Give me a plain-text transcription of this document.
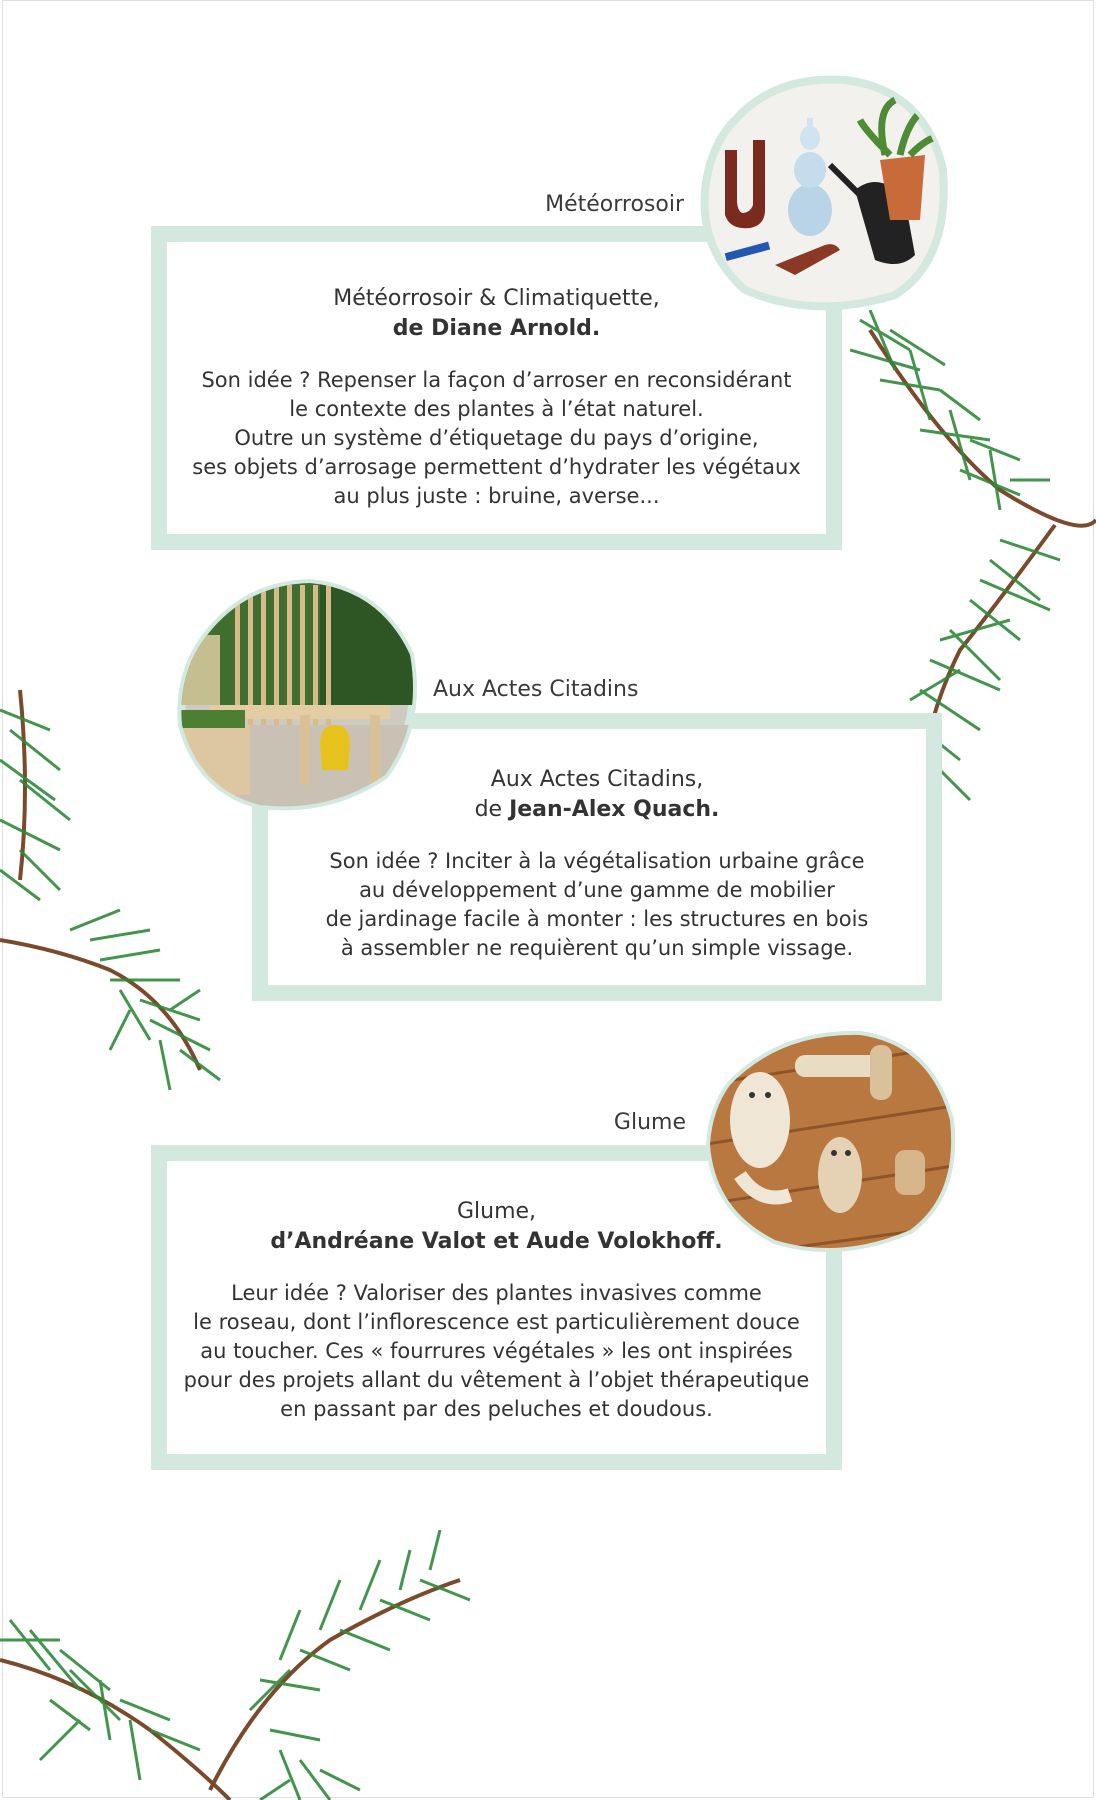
Météorrosoir
Météorrosoir & Climatiquette,
de Diane Arnold.
Son idée ? Repenser la façon d’arroser en reconsidérant
le contexte des plantes à l’état naturel.
Outre un système d’étiquetage du pays d’origine,
ses objets d’arrosage permettent d’hydrater les végétaux
au plus juste : bruine, averse...
Aux Actes Citadins
Aux Actes Citadins,
de Jean-Alex Quach.
Son idée ? Inciter à la végétalisation urbaine grâce
au développement d’une gamme de mobilier
de jardinage facile à monter : les structures en bois
à assembler ne requièrent qu’un simple vissage.
Glume
Glume,
d’Andréane Valot et Aude Volokhoff.
Leur idée ? Valoriser des plantes invasives comme
le roseau, dont l’inflorescence est particulièrement douce
au toucher. Ces « fourrures végétales » les ont inspirées
pour des projets allant du vêtement à l’objet thérapeutique
en passant par des peluches et doudous.
